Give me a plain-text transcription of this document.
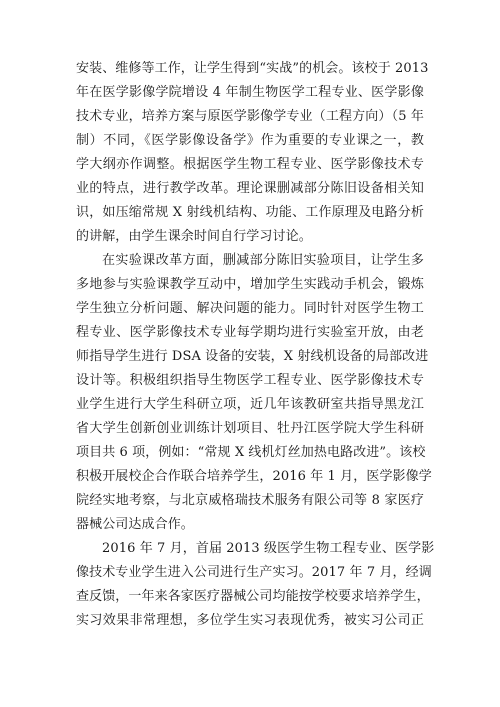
安装、维修等工作，让学生得到“实战”的机会。该校于 2013
年在医学影像学院增设 4 年制生物医学工程专业、医学影像
技术专业，培养方案与原医学影像学专业（工程方向）（5 年
制）不同，《医学影像设备学》作为重要的专业课之一，教
学大纲亦作调整。根据医学生物工程专业、医学影像技术专
业的特点，进行教学改革。理论课删减部分陈旧设备相关知
识，如压缩常规 X 射线机结构、功能、工作原理及电路分析
的讲解，由学生课余时间自行学习讨论。
在实验课改革方面，删减部分陈旧实验项目，让学生多
多地参与实验课教学互动中，增加学生实践动手机会，锻炼
学生独立分析问题、解决问题的能力。同时针对医学生物工
程专业、医学影像技术专业每学期均进行实验室开放，由老
师指导学生进行 DSA 设备的安装，X 射线机设备的局部改进
设计等。积极组织指导生物医学工程专业、医学影像技术专
业学生进行大学生科研立项，近几年该教研室共指导黑龙江
省大学生创新创业训练计划项目、牡丹江医学院大学生科研
项目共 6 项，例如：“常规 X 线机灯丝加热电路改进”。该校
积极开展校企合作联合培养学生，2016 年 1 月，医学影像学
院经实地考察，与北京威格瑞技术服务有限公司等 8 家医疗
器械公司达成合作。
2016 年 7 月，首届 2013 级医学生物工程专业、医学影
像技术专业学生进入公司进行生产实习。2017 年 7 月，经调
查反馈，一年来各家医疗器械公司均能按学校要求培养学生，
实习效果非常理想，多位学生实习表现优秀，被实习公司正
